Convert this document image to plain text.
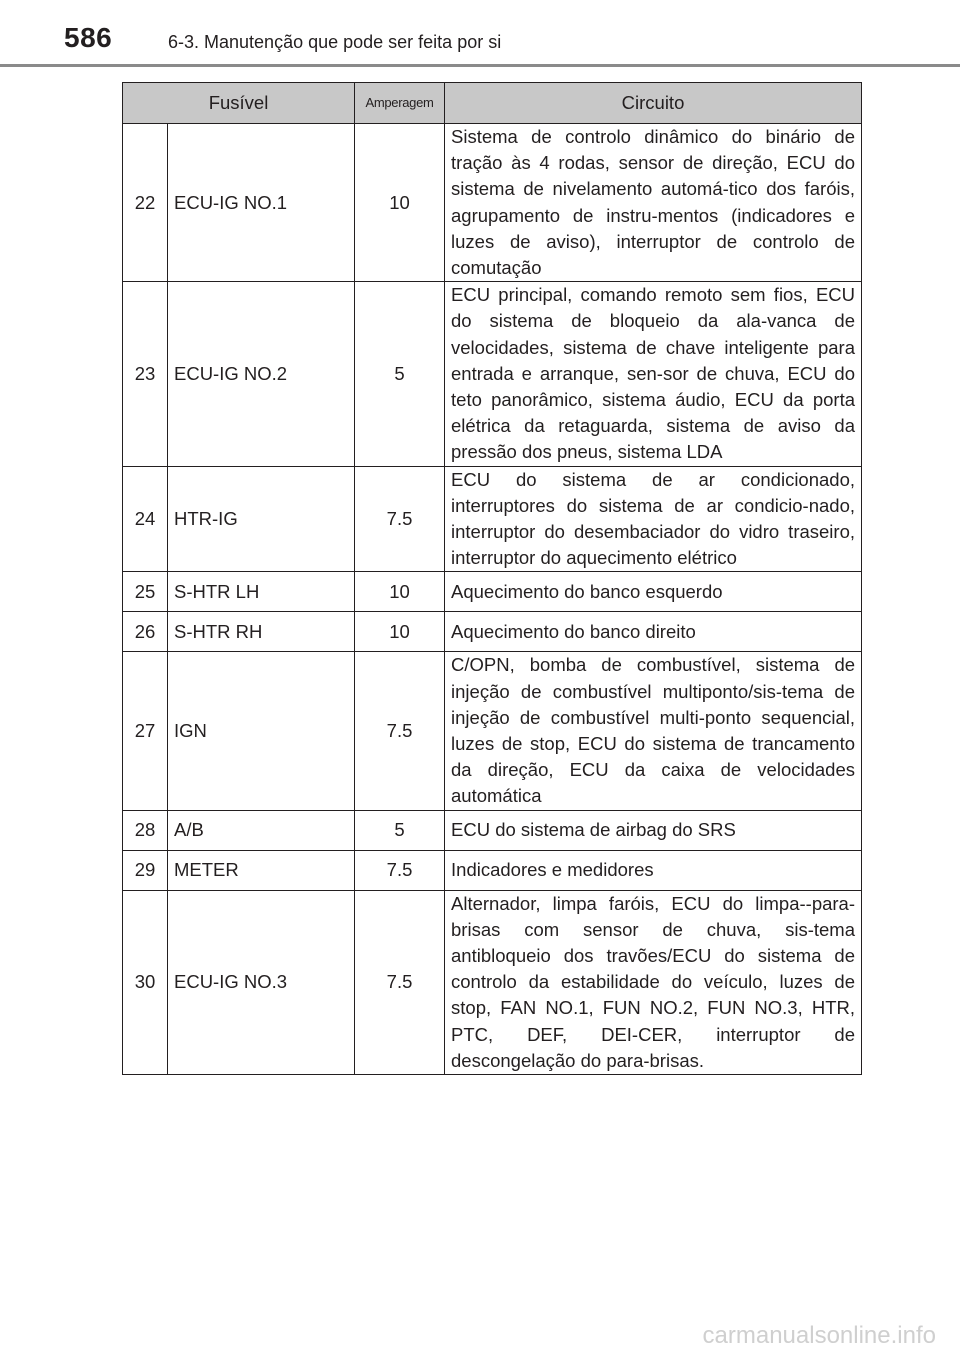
586	6-3. Manutenção que pode ser feita por si
Fusível		Amperagem	Circuito
22	ECU-IG NO.1	10	Sistema de controlo dinâmico do binário de tração às 4 rodas, sensor de direção, ECU do sistema de nivelamento automá-tico dos faróis, agrupamento de instru-mentos (indicadores e luzes de aviso), interruptor de controlo de comutação
23	ECU-IG NO.2	5	ECU principal, comando remoto sem fios, ECU do sistema de bloqueio da ala-vanca de velocidades, sistema de chave inteligente para entrada e arranque, sen-sor de chuva, ECU do teto panorâmico, sistema áudio, ECU da porta elétrica da retaguarda, sistema de aviso da pressão dos pneus, sistema LDA
24	HTR-IG	7.5	ECU do sistema de ar condicionado, interruptores do sistema de ar condicio-nado, interruptor do desembaciador do vidro traseiro, interruptor do aquecimento elétrico
25	S-HTR LH	10	Aquecimento do banco esquerdo
26	S-HTR RH	10	Aquecimento do banco direito
27	IGN	7.5	C/OPN, bomba de combustível, sistema de injeção de combustível multiponto/sis-tema de injeção de combustível multi-ponto sequencial, luzes de stop, ECU do sistema de trancamento da direção, ECU da caixa de velocidades automática
28	A/B	5	ECU do sistema de airbag do SRS
29	METER	7.5	Indicadores e medidores
30	ECU-IG NO.3	7.5	Alternador, limpa faróis, ECU do limpa--para-brisas com sensor de chuva, sis-tema antibloqueio dos travões/ECU do sistema de controlo da estabilidade do veículo, luzes de stop, FAN NO.1, FUN NO.2, FUN NO.3, HTR, PTC, DEF, DEI-CER, interruptor de descongelação do para-brisas.
carmanualsonline.info
